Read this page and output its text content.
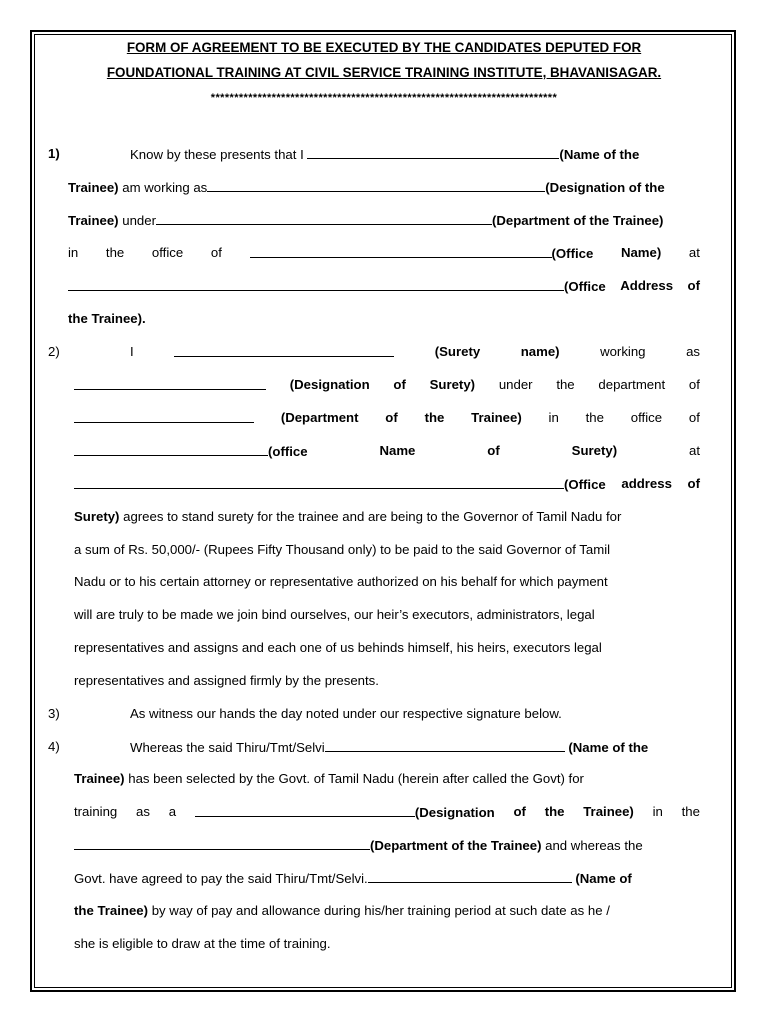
FORM OF AGREEMENT TO BE EXECUTED BY THE CANDIDATES DEPUTED FOR
FOUNDATIONAL TRAINING AT CIVIL SERVICE TRAINING INSTITUTE, BHAVANISAGAR.
**************************************************************************
1)	Know by these presents that I	(Name of the
Trainee) am working as	(Designation of the
Trainee) under	(Department of the Trainee)
in the office of	(Office Name) at
(Office Address of
the Trainee).
2)	I	(Surety	name)	working	as
(Designation of Surety) under the department of
(Department of the Trainee) in the office of
(office	Name	of	Surety)	at
(Office address of
Surety) agrees to stand surety for the trainee and are being to the Governor of Tamil Nadu for
a sum of Rs. 50,000/- (Rupees Fifty Thousand only) to be paid to the said Governor of Tamil
Nadu or to his certain attorney or representative authorized on his behalf for which payment
will are truly to be made we join bind ourselves, our heir’s executors, administrators, legal
representatives and assigns and each one of us behinds himself, his heirs, executors legal
representatives and assigned firmly by the presents.
3)	As witness our hands the day noted under our respective signature below.
4)	Whereas the said Thiru/Tmt/Selvi	(Name of the
Trainee) has been selected by the Govt. of Tamil Nadu (herein after called the Govt) for
training as a	(Designation of the Trainee) in the
(Department of the Trainee) and whereas the
Govt. have agreed to pay the said Thiru/Tmt/Selvi.	(Name of
the Trainee) by way of pay and allowance during his/her training period at such date as he /
she is eligible to draw at the time of training.
